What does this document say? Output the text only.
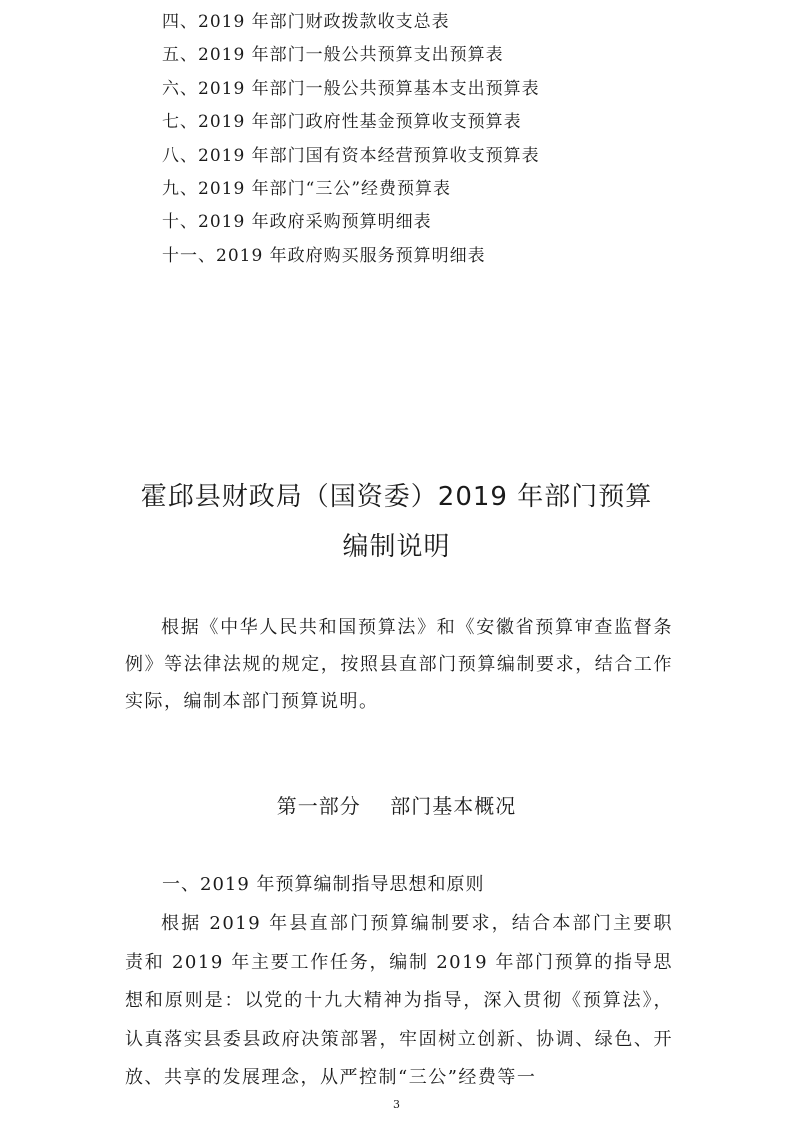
四、2019 年部门财政拨款收支总表
五、2019 年部门一般公共预算支出预算表
六、2019 年部门一般公共预算基本支出预算表
七、2019 年部门政府性基金预算收支预算表
八、2019 年部门国有资本经营预算收支预算表
九、2019 年部门“三公”经费预算表
十、2019 年政府采购预算明细表
十一、2019 年政府购买服务预算明细表
霍邱县财政局（国资委）2019 年部门预算
编制说明

根据《中华人民共和国预算法》和《安徽省预算审查监督条例》等法律法规的规定，按照县直部门预算编制要求，结合工作实际，编制本部门预算说明。

第一部分    部门基本概况
一、2019 年预算编制指导思想和原则

根据 2019 年县直部门预算编制要求，结合本部门主要职责和 2019 年主要工作任务，编制 2019 年部门预算的指导思想和原则是：以党的十九大精神为指导，深入贯彻《预算法》，认真落实县委县政府决策部署，牢固树立创新、协调、绿色、开放、共享的发展理念，从严控制“三公”经费等一

3
